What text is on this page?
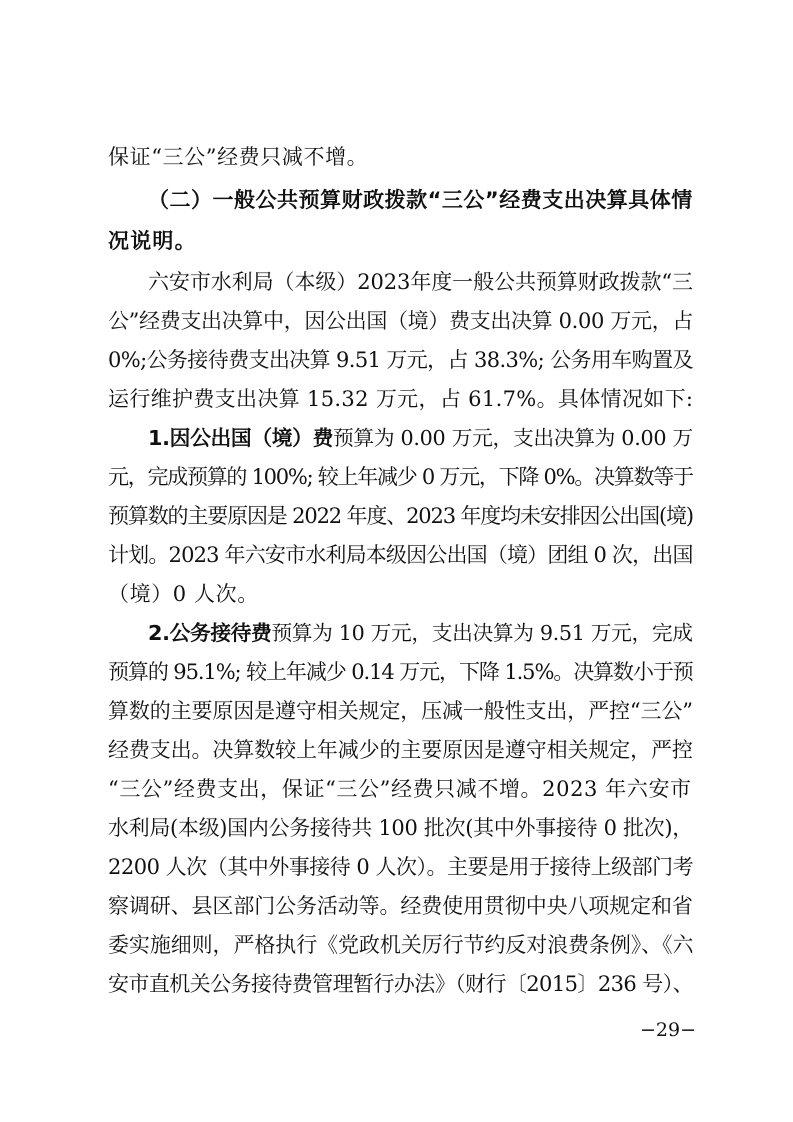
保证“三公”经费只减不增。
（二）一般公共预算财政拨款“三公”经费支出决算具体情
况说明。
六安市水利局（本级）2023年度一般公共预算财政拨款“三
公”经费支出决算中，因公出国（境）费支出决算 0.00 万元，占
0%;公务接待费支出决算 9.51 万元，占 38.3%; 公务用车购置及
运行维护费支出决算 15.32 万元，占 61.7%。具体情况如下:
1.因公出国（境）费预算为 0.00 万元，支出决算为 0.00 万
元，完成预算的 100%; 较上年减少 0 万元，下降 0%。决算数等于
预算数的主要原因是 2022 年度、2023 年度均未安排因公出国(境)
计划。2023 年六安市水利局本级因公出国（境）团组 0 次，出国
（境）0 人次。
2.公务接待费预算为 10 万元，支出决算为 9.51 万元，完成
预算的 95.1%; 较上年减少 0.14 万元，下降 1.5%。决算数小于预
算数的主要原因是遵守相关规定，压减一般性支出，严控“三公”
经费支出。决算数较上年减少的主要原因是遵守相关规定，严控
“三公”经费支出，保证“三公”经费只减不增。2023 年六安市
水利局(本级)国内公务接待共 100 批次(其中外事接待 0 批次)，
2200 人次（其中外事接待 0 人次）。主要是用于接待上级部门考
察调研、县区部门公务活动等。经费使用贯彻中央八项规定和省
委实施细则，严格执行《党政机关厉行节约反对浪费条例》、《六
安市直机关公务接待费管理暂行办法》（财行〔2015〕236 号）、
−29−
